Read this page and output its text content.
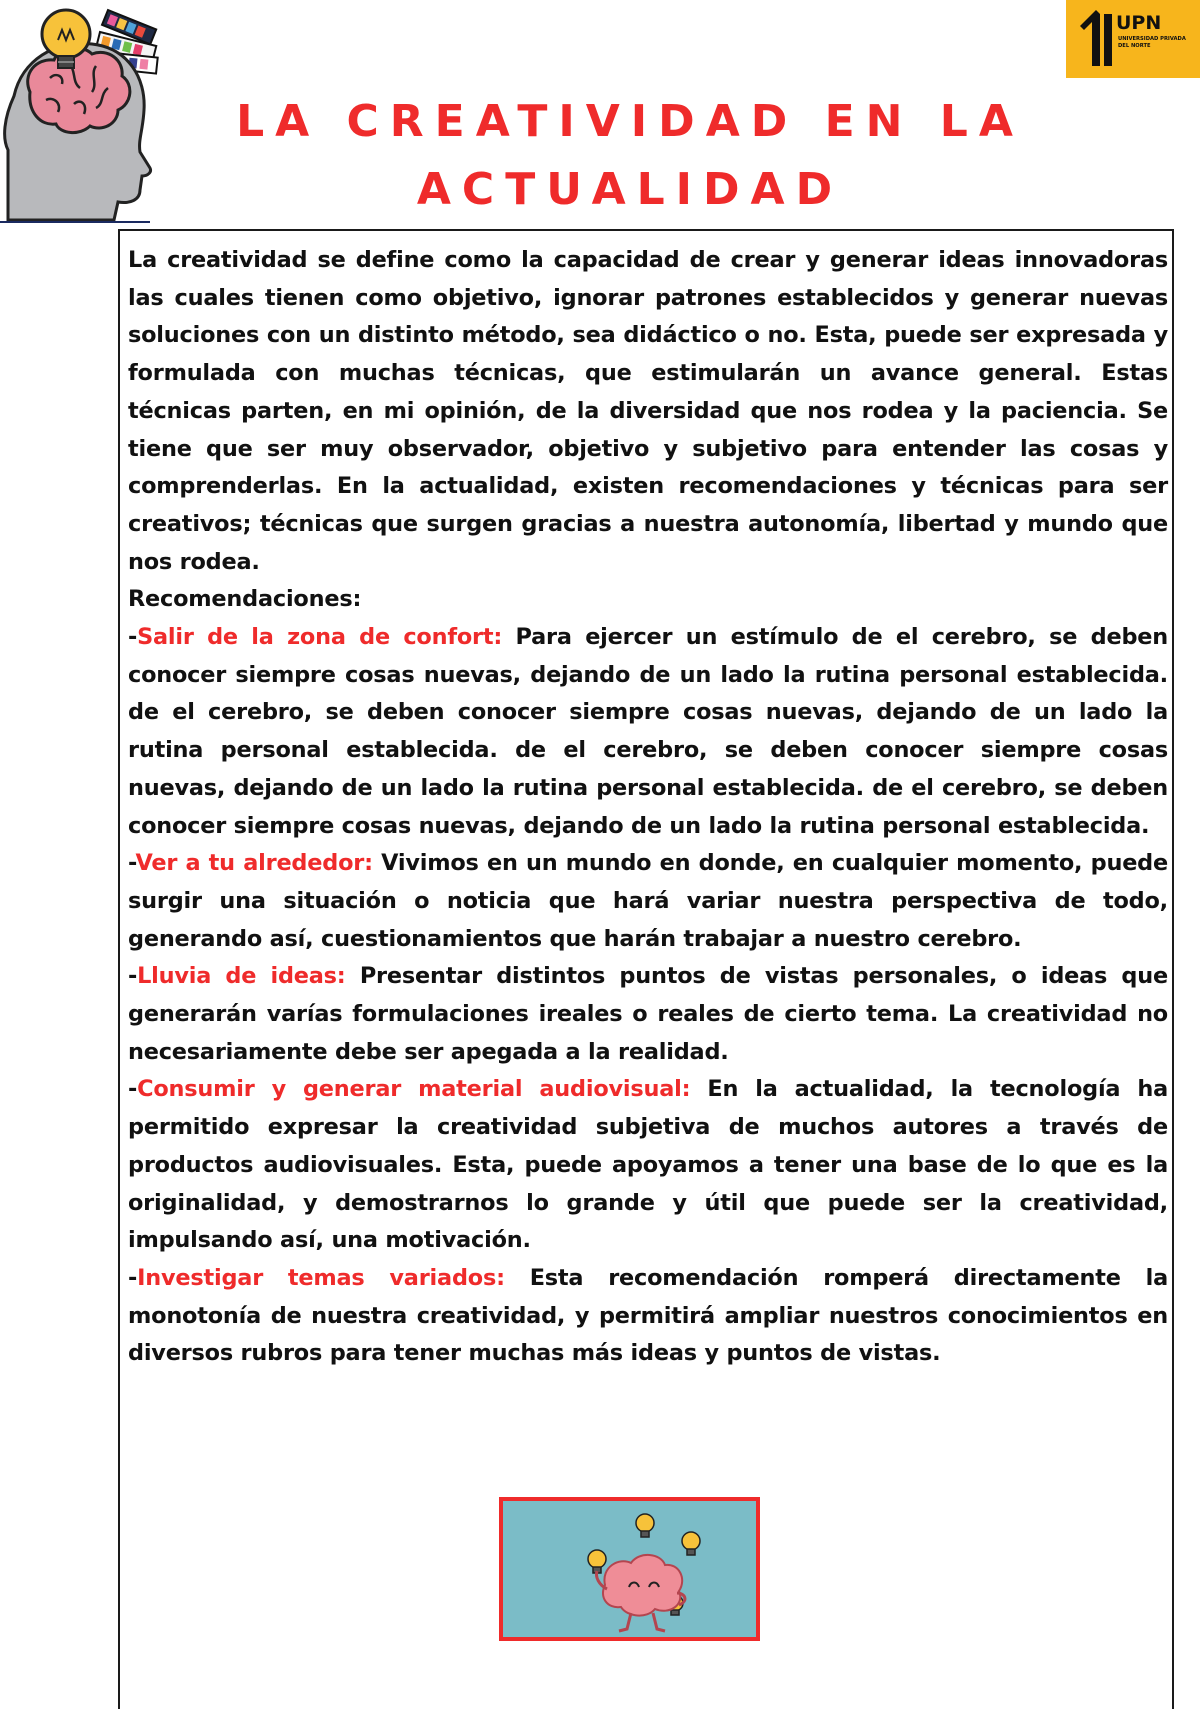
UPN
UNIVERSIDAD PRIVADA DEL NORTE
LA CREATIVIDAD EN LA
ACTUALIDAD

La creatividad se define como la capacidad de crear y generar ideas innovadoras las cuales tienen como objetivo, ignorar patrones establecidos y generar nuevas soluciones con un distinto método, sea didáctico o no. Esta, puede ser expresada y formulada con muchas técnicas, que estimularán un avance general. Estas técnicas parten, en mi opinión, de la diversidad que nos rodea y la paciencia. Se tiene que ser muy observador, objetivo y subjetivo para entender las cosas y comprenderlas. En la actualidad, existen recomendaciones y técnicas para ser creativos; técnicas que surgen gracias a nuestra autonomía, libertad y mundo que nos rodea.

Recomendaciones:

-Salir de la zona de confort: Para ejercer un estímulo de el cerebro, se deben conocer siempre cosas nuevas, dejando de un lado la rutina personal establecida. de el cerebro, se deben conocer siempre cosas nuevas, dejando de un lado la rutina personal establecida. de el cerebro, se deben conocer siempre cosas nuevas, dejando de un lado la rutina personal establecida. de el cerebro, se deben conocer siempre cosas nuevas, dejando de un lado la rutina personal establecida.

-Ver a tu alrededor: Vivimos en un mundo en donde, en cualquier momento, puede surgir una situación o noticia que hará variar nuestra perspectiva de todo, generando así, cuestionamientos que harán trabajar a nuestro cerebro.

-Lluvia de ideas: Presentar distintos puntos de vistas personales, o ideas que generarán varías formulaciones ireales o reales de cierto tema. La creatividad no necesariamente debe ser apegada a la realidad.

-Consumir y generar material audiovisual: En la actualidad, la tecnología ha permitido expresar la creatividad subjetiva de muchos autores a través de productos audiovisuales. Esta, puede apoyamos a tener una base de lo que es la originalidad, y demostrarnos lo grande y útil que puede ser la creatividad, impulsando así, una motivación.

-Investigar temas variados: Esta recomendación romperá directamente la monotonía de nuestra creatividad, y permitirá ampliar nuestros conocimientos en diversos rubros para tener muchas más ideas y puntos de vistas.
